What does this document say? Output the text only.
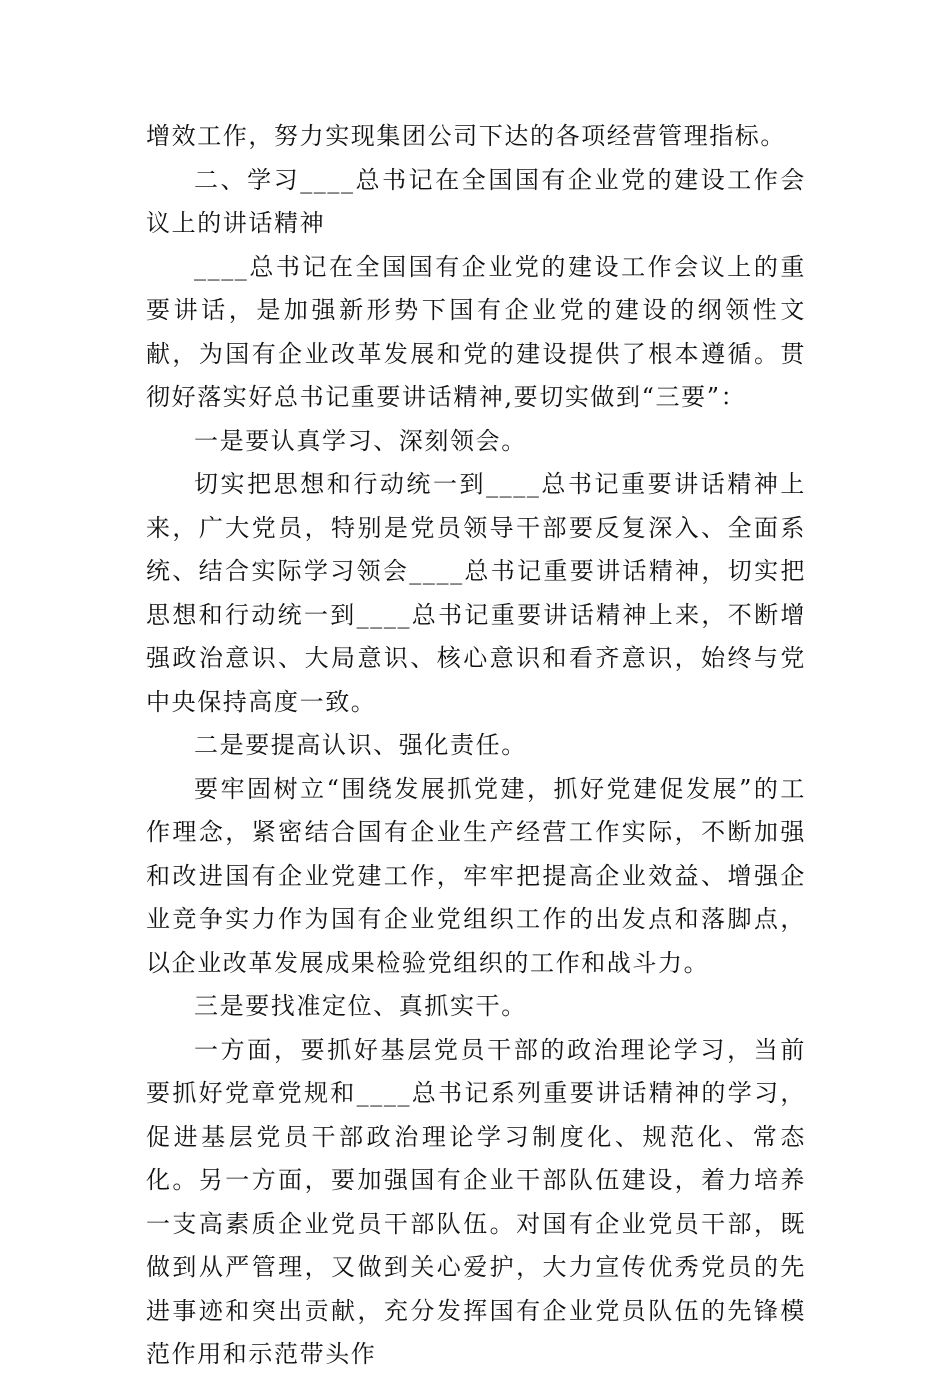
增效工作，努力实现集团公司下达的各项经营管理指标。

二、学习____总书记在全国国有企业党的建设工作会议上的讲话精神

____总书记在全国国有企业党的建设工作会议上的重要讲话，是加强新形势下国有企业党的建设的纲领性文献，为国有企业改革发展和党的建设提供了根本遵循。贯彻好落实好总书记重要讲话精神,要切实做到“三要”：

一是要认真学习、深刻领会。

切实把思想和行动统一到____总书记重要讲话精神上来，广大党员，特别是党员领导干部要反复深入、全面系统、结合实际学习领会____总书记重要讲话精神，切实把思想和行动统一到____总书记重要讲话精神上来，不断增强政治意识、大局意识、核心意识和看齐意识，始终与党中央保持高度一致。

二是要提高认识、强化责任。

要牢固树立“围绕发展抓党建，抓好党建促发展”的工作理念，紧密结合国有企业生产经营工作实际，不断加强和改进国有企业党建工作，牢牢把提高企业效益、增强企业竞争实力作为国有企业党组织工作的出发点和落脚点，以企业改革发展成果检验党组织的工作和战斗力。

三是要找准定位、真抓实干。

一方面，要抓好基层党员干部的政治理论学习，当前要抓好党章党规和____总书记系列重要讲话精神的学习，促进基层党员干部政治理论学习制度化、规范化、常态化。另一方面，要加强国有企业干部队伍建设，着力培养一支高素质企业党员干部队伍。对国有企业党员干部，既做到从严管理，又做到关心爱护，大力宣传优秀党员的先进事迹和突出贡献，充分发挥国有企业党员队伍的先锋模范作用和示范带头作
